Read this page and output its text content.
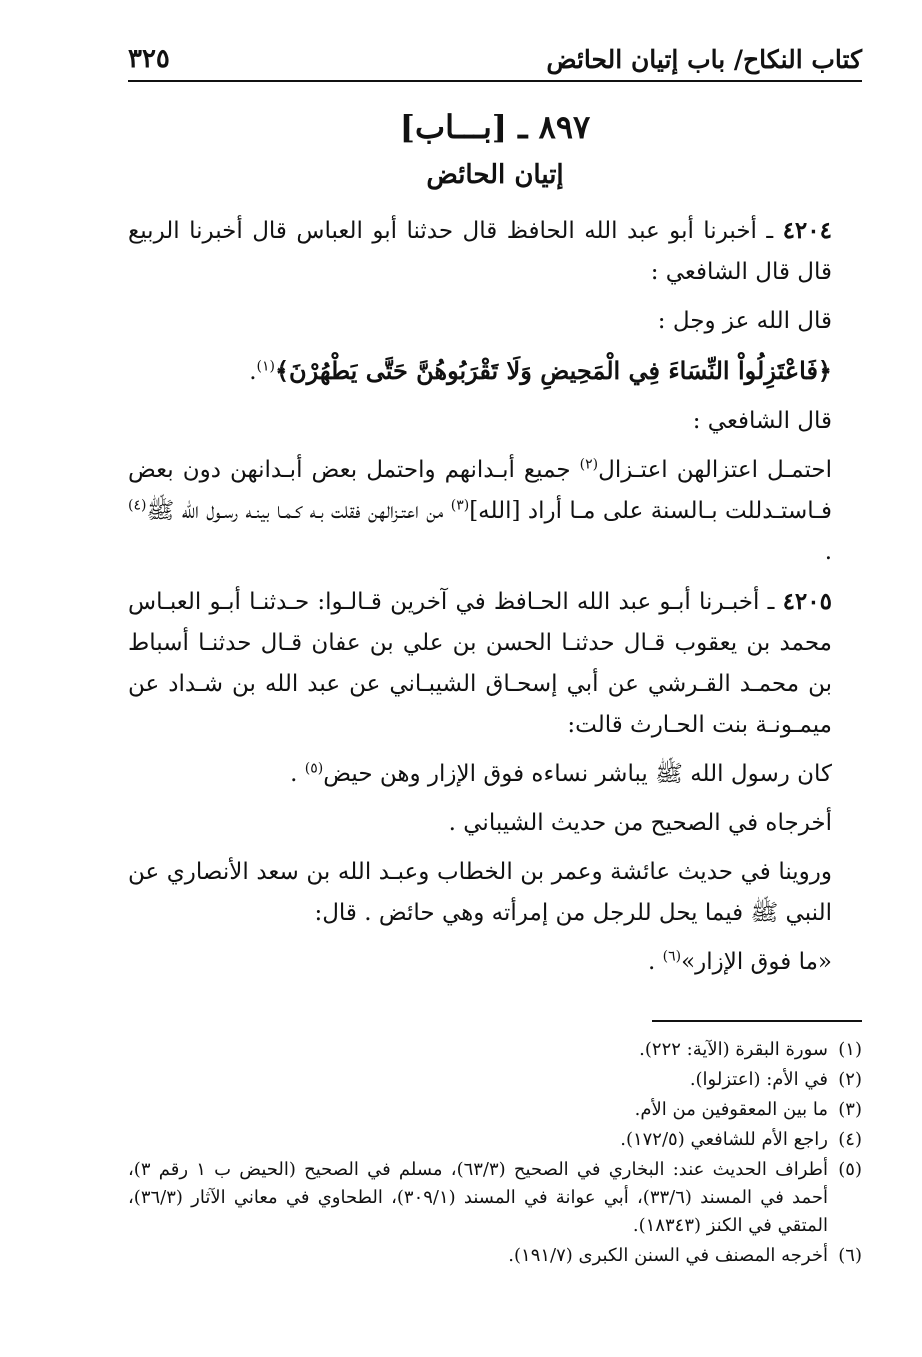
كتاب النكاح/ باب إتيان الحائض
٣٢٥
٨٩٧ ـ [بـــاب]
إتيان الحائض

٤٢٠٤ ـ أخبرنا أبو عبد الله الحافظ قال حدثنا أبو العباس قال أخبرنا الربيع قال قال الشافعي :

قال الله عز وجل :

﴿فَاعْتَزِلُواْ النِّسَاءَ فِي الْمَحِيضِ وَلَا تَقْرَبُوهُنَّ حَتَّى يَطْهُرْنَ﴾$^{(١)}$.

قال الشافعي :

احتمـل اعتزالهن اعتـزال$^{(٢)}$ جميع أبـدانهم واحتمل بعض أبـدانهن دون بعض فـاستـدللت بـالسنة على مـا أراد [الله]$^{(٣)}$ من اعتـزالهن فقلت بـه كـمـا بينـه رسـول الله ﷺ$^{(٤)}$ .

٤٢٠٥ ـ أخبـرنا أبـو عبد الله الحـافظ في آخرين قـالـوا: حـدثنـا أبـو العبـاس محمد بن يعقوب قـال حدثنـا الحسن بن علي بن عفان قـال حدثنـا أسباط بن محمـد القـرشي عن أبي إسحـاق الشيبـاني عن عبد الله بن شـداد عن ميمـونـة بنت الحـارث قالت:

كان رسول الله ﷺ يباشر نساءه فوق الإزار وهن حيض$^{(٥)}$ .

أخرجاه في الصحيح من حديث الشيباني .

وروينا في حديث عائشة وعمر بن الخطاب وعبـد الله بن سعد الأنصاري عن النبي ﷺ فيما يحل للرجل من إمرأته وهي حائض . قال:

«ما فوق الإزار»$^{(٦)}$ .

(١)
سورة البقرة (الآية: ٢٢٢).
(٢)
في الأم: (اعتزلوا).
(٣)
ما بين المعقوفين من الأم.
(٤)
راجع الأم للشافعي (١٧٢/٥).
(٥)
أطراف الحديث عند: البخاري في الصحيح (٦٣/٣)، مسلم في الصحيح (الحيض ب ١ رقم ٣)، أحمد في المسند (٣٣/٦)، أبي عوانة في المسند (٣٠٩/١)، الطحاوي في معاني الآثار (٣٦/٣)، المتقي في الكنز (١٨٣٤٣).
(٦)
أخرجه المصنف في السنن الكبرى (١٩١/٧).
